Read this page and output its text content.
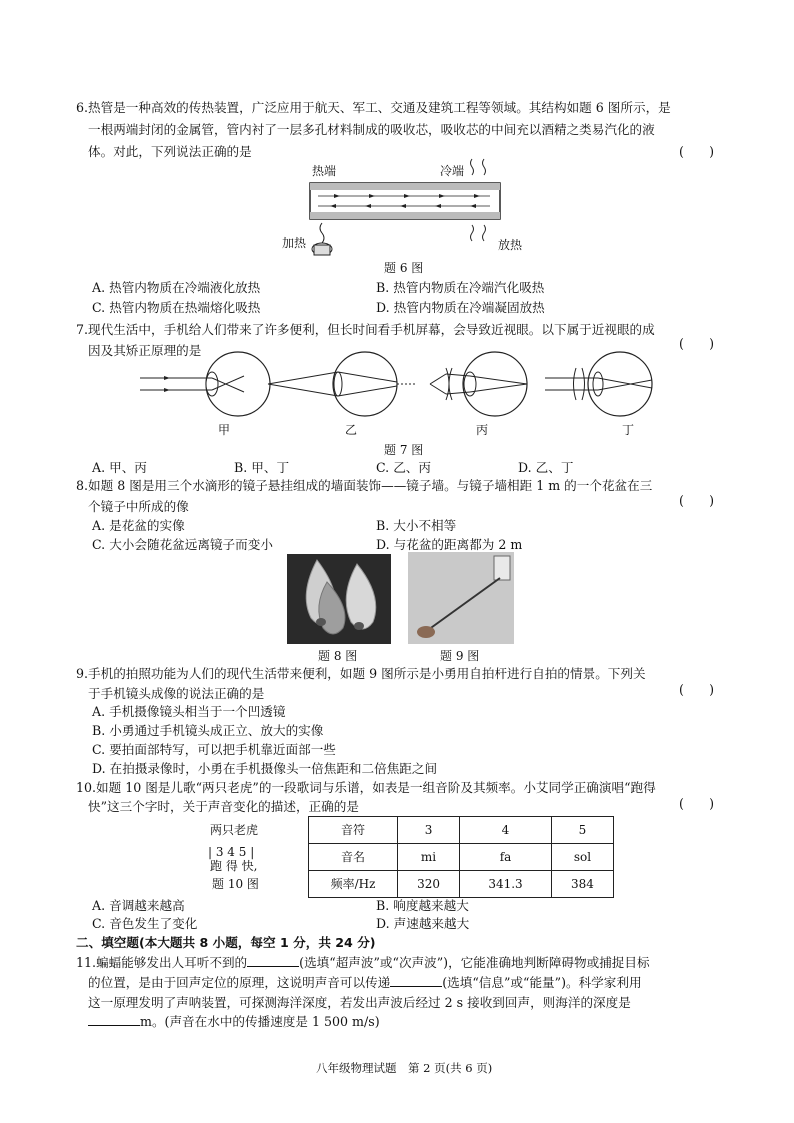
6.热管是一种高效的传热装置，广泛应用于航天、军工、交通及建筑工程等领域。其结构如题 6 图所示，是
一根两端封闭的金属管，管内衬了一层多孔材料制成的吸收芯，吸收芯的中间充以酒精之类易汽化的液
体。对此，下列说法正确的是	(　　)
热端	冷端
加热	放热
题 6 图
A. 热管内物质在冷端液化放热	B. 热管内物质在冷端汽化吸热
C. 热管内物质在热端熔化吸热	D. 热管内物质在冷端凝固放热
7.现代生活中，手机给人们带来了许多便利，但长时间看手机屏幕，会导致近视眼。以下属于近视眼的成
因及其矫正原理的是	(　　)
甲	乙	丙	丁
题 7 图
A. 甲、丙	B. 甲、丁	C. 乙、丙	D. 乙、丁
8.如题 8 图是用三个水滴形的镜子悬挂组成的墙面装饰——镜子墙。与镜子墙相距 1 m 的一个花盆在三
个镜子中所成的像	(　　)
A. 是花盆的实像	B. 大小不相等
C. 大小会随花盆远离镜子而变小	D. 与花盆的距离都为 2 m
题 8 图	题 9 图
9.手机的拍照功能为人们的现代生活带来便利，如题 9 图所示是小勇用自拍杆进行自拍的情景。下列关
于手机镜头成像的说法正确的是	(　　)
A. 手机摄像镜头相当于一个凹透镜
B. 小勇通过手机镜头成正立、放大的实像
C. 要拍面部特写，可以把手机靠近面部一些
D. 在拍摄录像时，小勇在手机摄像头一倍焦距和二倍焦距之间
10.如题 10 图是儿歌“两只老虎”的一段歌词与乐谱，如表是一组音阶及其频率。小艾同学正确演唱“跑得
快”这三个字时，关于声音变化的描述，正确的是	(　　)
两只老虎
| 3 4 5 |
跑 得 快,
题 10 图
音符	3	4	5
音名	mi	fa	sol
频率/Hz	320	341.3	384
A. 音调越来越高	B. 响度越来越大
C. 音色发生了变化	D. 声速越来越大
二、填空题(本大题共 8 小题，每空 1 分，共 24 分)
11.蝙蝠能够发出人耳听不到的	(选填“超声波”或“次声波”)，它能准确地判断障碍物或捕捉目标
的位置，是由于回声定位的原理，这说明声音可以传递	(选填“信息”或“能量”)。科学家利用
这一原理发明了声呐装置，可探测海洋深度，若发出声波后经过 2 s 接收到回声，则海洋的深度是
m。(声音在水中的传播速度是 1 500 m/s)
八年级物理试题　第 2 页(共 6 页)
